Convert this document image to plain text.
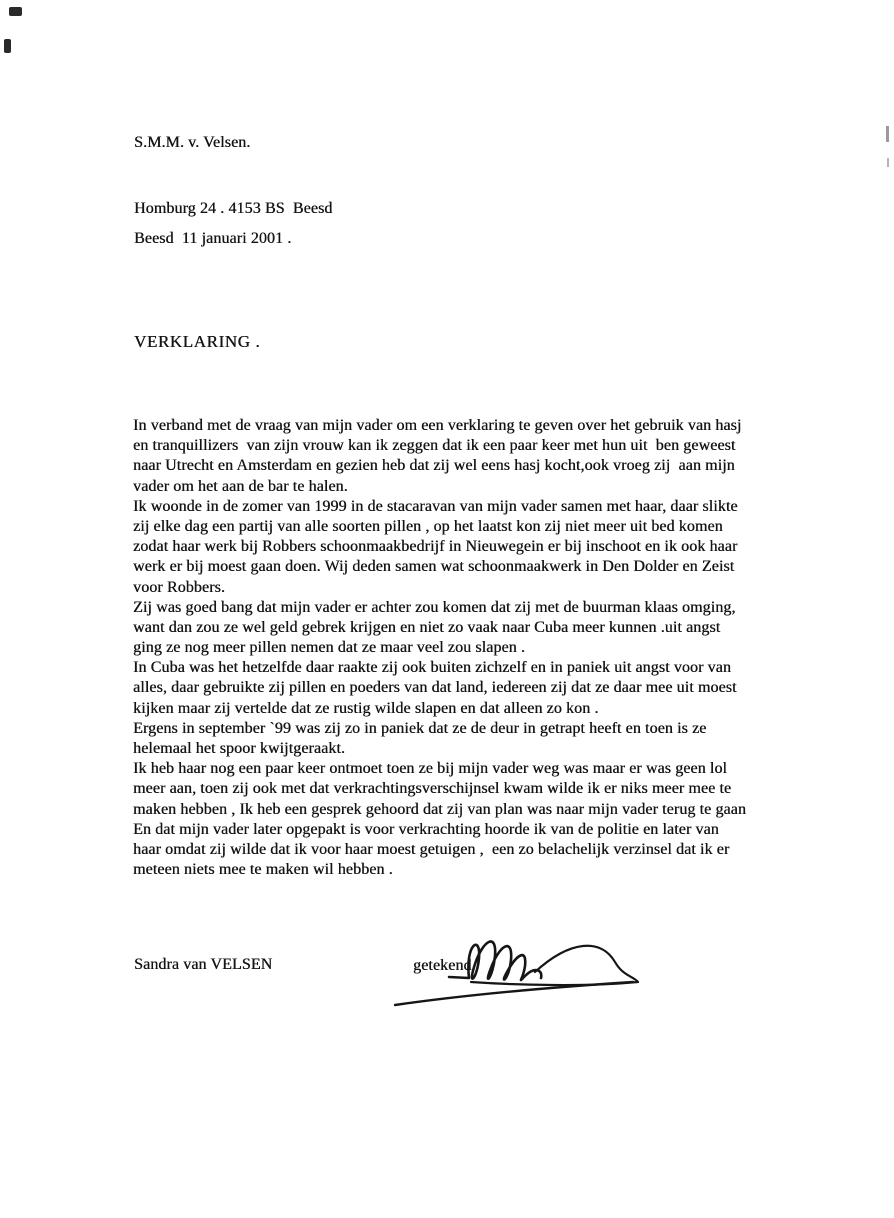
S.M.M. v. Velsen.

Homburg 24 . 4153 BS  Beesd

Beesd  11 januari 2001 .
VERKLARING .
In verband met de vraag van mijn vader om een verklaring te geven over het gebruik van hasj
en tranquillizers  van zijn vrouw kan ik zeggen dat ik een paar keer met hun uit  ben geweest
naar Utrecht en Amsterdam en gezien heb dat zij wel eens hasj kocht,ook vroeg zij  aan mijn
vader om het aan de bar te halen.
Ik woonde in de zomer van 1999 in de stacaravan van mijn vader samen met haar, daar slikte
zij elke dag een partij van alle soorten pillen , op het laatst kon zij niet meer uit bed komen
zodat haar werk bij Robbers schoonmaakbedrijf in Nieuwegein er bij inschoot en ik ook haar
werk er bij moest gaan doen. Wij deden samen wat schoonmaakwerk in Den Dolder en Zeist
voor Robbers.
Zij was goed bang dat mijn vader er achter zou komen dat zij met de buurman klaas omging,
want dan zou ze wel geld gebrek krijgen en niet zo vaak naar Cuba meer kunnen .uit angst
ging ze nog meer pillen nemen dat ze maar veel zou slapen .
In Cuba was het hetzelfde daar raakte zij ook buiten zichzelf en in paniek uit angst voor van
alles, daar gebruikte zij pillen en poeders van dat land, iedereen zij dat ze daar mee uit moest
kijken maar zij vertelde dat ze rustig wilde slapen en dat alleen zo kon .
Ergens in september `99 was zij zo in paniek dat ze de deur in getrapt heeft en toen is ze
helemaal het spoor kwijtgeraakt.
Ik heb haar nog een paar keer ontmoet toen ze bij mijn vader weg was maar er was geen lol
meer aan, toen zij ook met dat verkrachtingsverschijnsel kwam wilde ik er niks meer mee te
maken hebben , Ik heb een gesprek gehoord dat zij van plan was naar mijn vader terug te gaan
En dat mijn vader later opgepakt is voor verkrachting hoorde ik van de politie en later van
haar omdat zij wilde dat ik voor haar moest getuigen ,  een zo belachelijk verzinsel dat ik er
meteen niets mee te maken wil hebben .
Sandra van VELSEN	getekend
